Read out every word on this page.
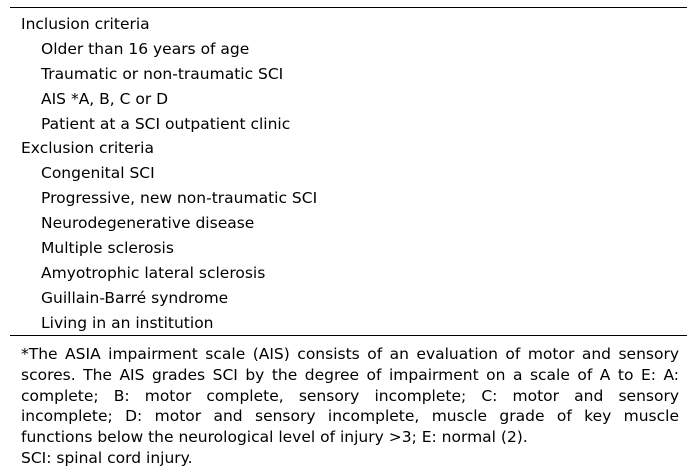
Inclusion criteria
Older than 16 years of age
Traumatic or non-traumatic SCI
AIS *A, B, C or D
Patient at a SCI outpatient clinic
Exclusion criteria
Congenital SCI
Progressive, new non-traumatic SCI
Neurodegenerative disease
Multiple sclerosis
Amyotrophic lateral sclerosis
Guillain-Barré syndrome
Living in an institution

*The ASIA impairment scale (AIS) consists of an evaluation of motor and sensory scores. The AIS grades SCI by the degree of impairment on a scale of A to E: A: complete; B: motor complete, sensory incomplete; C: motor and sensory incomplete; D: motor and sensory incomplete, muscle grade of key muscle functions below the neurological level of injury >3; E: normal (2).

SCI: spinal cord injury.
